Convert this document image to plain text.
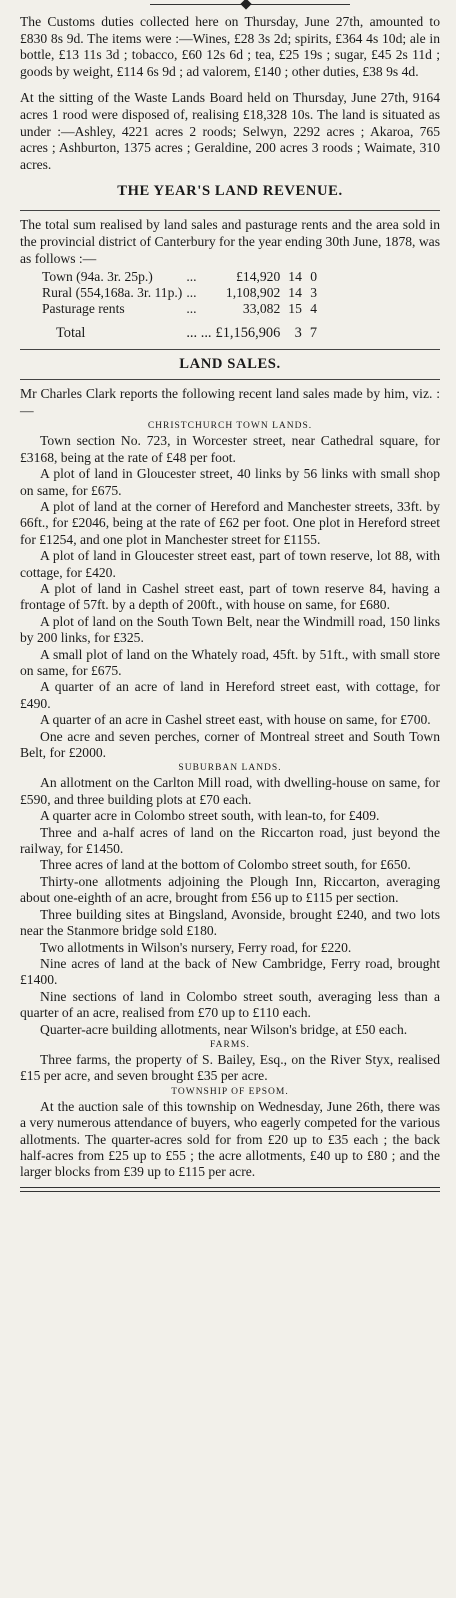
The Customs duties collected here on Thursday, June 27th, amounted to £830 8s 9d. The items were :—Wines, £28 3s 2d; spirits, £364 4s 10d; ale in bottle, £13 11s 3d ; tobacco, £60 12s 6d ; tea, £25 19s ; sugar, £45 2s 11d ; goods by weight, £114 6s 9d ; ad valorem, £140 ; other duties, £38 9s 4d.

At the sitting of the Waste Lands Board held on Thursday, June 27th, 9164 acres 1 rood were disposed of, realising £18,328 10s. The land is situated as under :—Ashley, 4221 acres 2 roods; Selwyn, 2292 acres ; Akaroa, 765 acres ; Ashburton, 1375 acres ; Geraldine, 200 acres 3 roods ; Waimate, 310 acres.

THE YEAR'S LAND REVENUE.

The total sum realised by land sales and pasturage rents and the area sold in the provincial district of Canterbury for the year ending 30th June, 1878, was as follows :—

Town (94a. 3r. 25p.)	...	£14,920	14	0
Rural (554,168a. 3r. 11p.)	...	1,108,902	14	3
Pasturage rents	...	33,082	15	4
Total	... ...	£1,156,906	3	7
LAND SALES.

Mr Charles Clark reports the following recent land sales made by him, viz. :—

CHRISTCHURCH TOWN LANDS.

Town section No. 723, in Worcester street, near Cathedral square, for £3168, being at the rate of £48 per foot.

A plot of land in Gloucester street, 40 links by 56 links with small shop on same, for £675.

A plot of land at the corner of Hereford and Manchester streets, 33ft. by 66ft., for £2046, being at the rate of £62 per foot. One plot in Hereford street for £1254, and one plot in Manchester street for £1155.

A plot of land in Gloucester street east, part of town reserve, lot 88, with cottage, for £420.

A plot of land in Cashel street east, part of town reserve 84, having a frontage of 57ft. by a depth of 200ft., with house on same, for £680.

A plot of land on the South Town Belt, near the Windmill road, 150 links by 200 links, for £325.

A small plot of land on the Whately road, 45ft. by 51ft., with small store on same, for £675.

A quarter of an acre of land in Hereford street east, with cottage, for £490.

A quarter of an acre in Cashel street east, with house on same, for £700.

One acre and seven perches, corner of Montreal street and South Town Belt, for £2000.

SUBURBAN LANDS.

An allotment on the Carlton Mill road, with dwelling-house on same, for £590, and three building plots at £70 each.

A quarter acre in Colombo street south, with lean-to, for £409.

Three and a-half acres of land on the Riccarton road, just beyond the railway, for £1450.

Three acres of land at the bottom of Colombo street south, for £650.

Thirty-one allotments adjoining the Plough Inn, Riccarton, averaging about one-eighth of an acre, brought from £56 up to £115 per section.

Three building sites at Bingsland, Avonside, brought £240, and two lots near the Stanmore bridge sold £180.

Two allotments in Wilson's nursery, Ferry road, for £220.

Nine acres of land at the back of New Cambridge, Ferry road, brought £1400.

Nine sections of land in Colombo street south, averaging less than a quarter of an acre, realised from £70 up to £110 each.

Quarter-acre building allotments, near Wilson's bridge, at £50 each.

FARMS.

Three farms, the property of S. Bailey, Esq., on the River Styx, realised £15 per acre, and seven brought £35 per acre.

TOWNSHIP OF EPSOM.

At the auction sale of this township on Wednesday, June 26th, there was a very numerous attendance of buyers, who eagerly competed for the various allotments. The quarter-acres sold for from £20 up to £35 each ; the back half-acres from £25 up to £55 ; the acre allotments, £40 up to £80 ; and the larger blocks from £39 up to £115 per acre.
